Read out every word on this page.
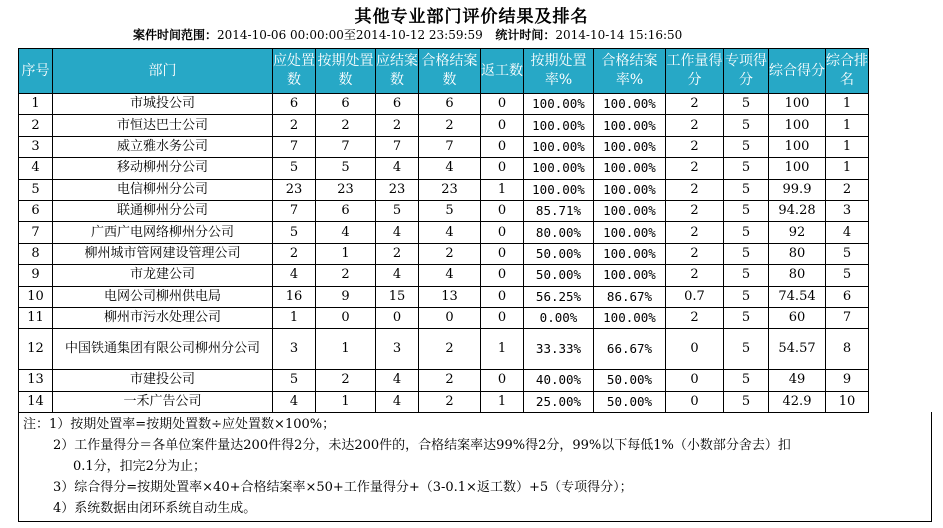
其他专业部门评价结果及排名
案件时间范围：2014-10-06 00:00:00至2014-10-12 23:59:59 统计时间：2014-10-14 15:16:50
序号	部门	应处置数	按期处置数	应结案数	合格结案数	返工数	按期处置率%	合格结案率%	工作量得分	专项得分	综合得分	综合排名
1	市城投公司	6	6	6	6	0	100.00%	100.00%	2	5	100	1
2	市恒达巴士公司	2	2	2	2	0	100.00%	100.00%	2	5	100	1
3	威立雅水务公司	7	7	7	7	0	100.00%	100.00%	2	5	100	1
4	移动柳州分公司	5	5	4	4	0	100.00%	100.00%	2	5	100	1
5	电信柳州分公司	23	23	23	23	1	100.00%	100.00%	2	5	99.9	2
6	联通柳州分公司	7	6	5	5	0	85.71%	100.00%	2	5	94.28	3
7	广西广电网络柳州分公司	5	4	4	4	0	80.00%	100.00%	2	5	92	4
8	柳州城市管网建设管理公司	2	1	2	2	0	50.00%	100.00%	2	5	80	5
9	市龙建公司	4	2	4	4	0	50.00%	100.00%	2	5	80	5
10	电网公司柳州供电局	16	9	15	13	0	56.25%	86.67%	0.7	5	74.54	6
11	柳州市污水处理公司	1	0	0	0	0	0.00%	100.00%	2	5	60	7
12	中国铁通集团有限公司柳州分公司	3	1	3	2	1	33.33%	66.67%	0	5	54.57	8
13	市建投公司	5	2	4	2	0	40.00%	50.00%	0	5	49	9
14	一禾广告公司	4	1	4	2	1	25.00%	50.00%	0	5	42.9	10
注：1）按期处置率=按期处置数÷应处置数×100%；
2）工作量得分＝各单位案件量达200件得2分，未达200件的，合格结案率达99%得2分，99%以下每低1%（小数部分舍去）扣
0.1分，扣完2分为止；
3）综合得分=按期处置率×40+合格结案率×50+工作量得分+（3-0.1×返工数）+5（专项得分）；
4）系统数据由闭环系统自动生成。
